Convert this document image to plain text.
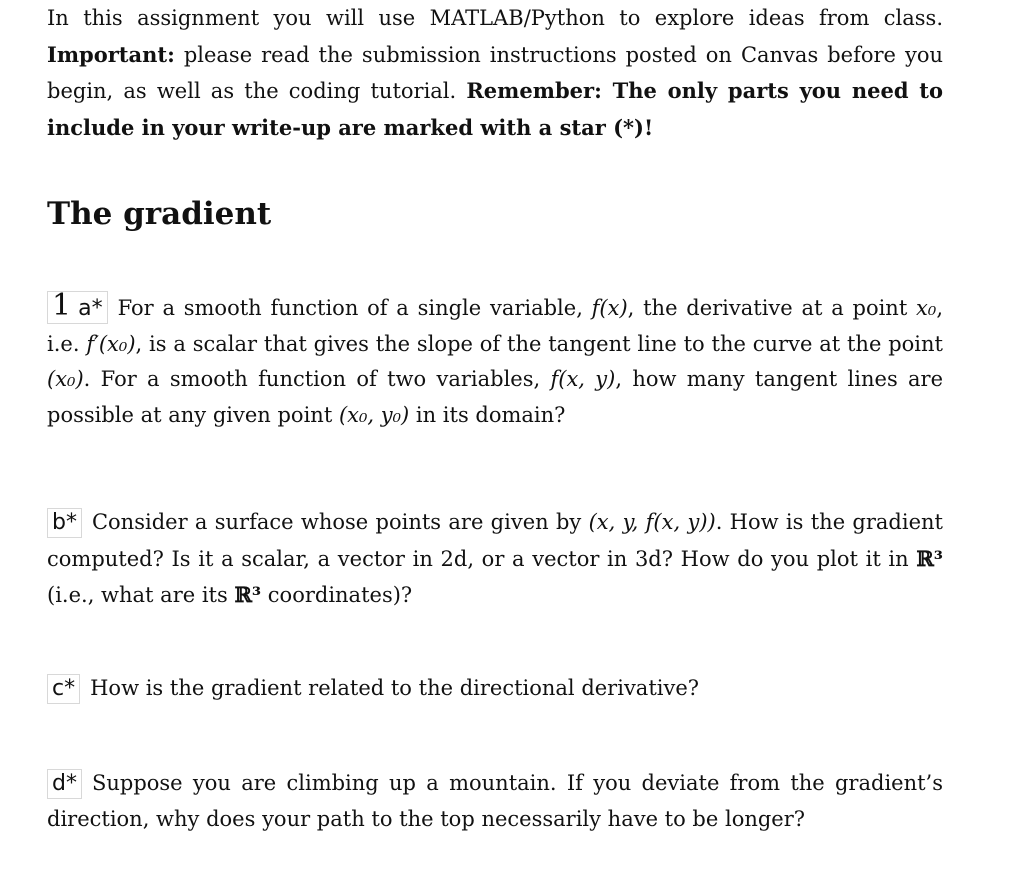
In this assignment you will use MATLAB/Python to explore ideas from class. Important: please read the submission instructions posted on Canvas before you begin, as well as the coding tutorial. Remember: The only parts you need to include in your write-up are marked with a star (*)!

The gradient

1 a* For a smooth function of a single variable, f(x), the derivative at a point x₀, i.e. f′(x₀), is a scalar that gives the slope of the tangent line to the curve at the point (x₀). For a smooth function of two variables, f(x, y), how many tangent lines are possible at any given point (x₀, y₀) in its domain?

b* Consider a surface whose points are given by (x, y, f(x, y)). How is the gradient computed? Is it a scalar, a vector in 2d, or a vector in 3d? How do you plot it in ℝ³ (i.e., what are its ℝ³ coordinates)?

c* How is the gradient related to the directional derivative?

d* Suppose you are climbing up a mountain. If you deviate from the gradient’s direction, why does your path to the top necessarily have to be longer?
